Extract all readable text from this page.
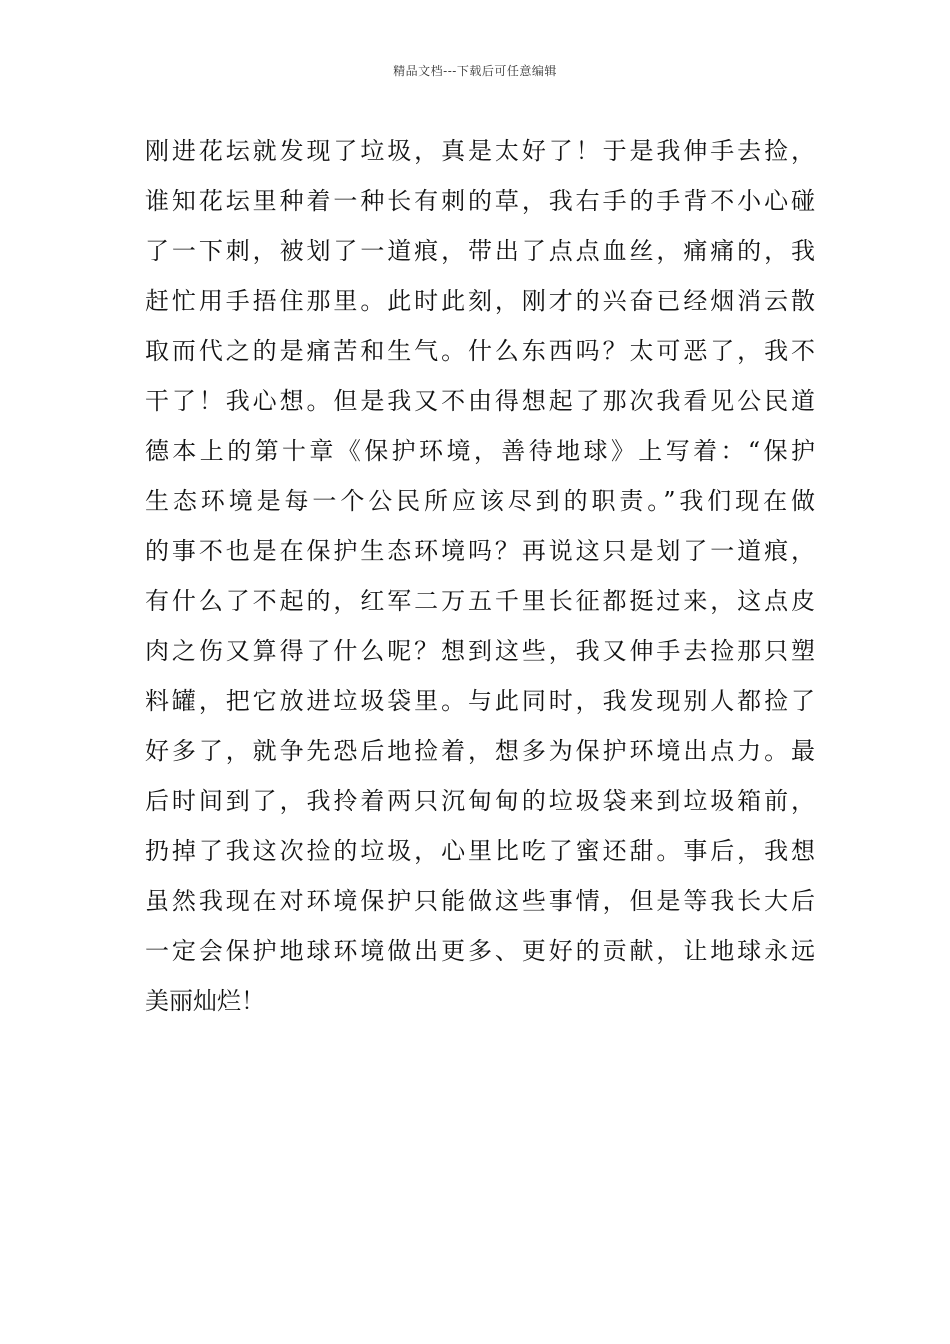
精品文档---下载后可任意编辑
刚进花坛就发现了垃圾，真是太好了！于是我伸手去捡，
谁知花坛里种着一种长有刺的草，我右手的手背不小心碰
了一下刺，被划了一道痕，带出了点点血丝，痛痛的，我
赶忙用手捂住那里。此时此刻，刚才的兴奋已经烟消云散
取而代之的是痛苦和生气。什么东西吗？太可恶了，我不
干了！我心想。但是我又不由得想起了那次我看见公民道
德本上的第十章《保护环境，善待地球》上写着：“保护
生态环境是每一个公民所应该尽到的职责。”我们现在做
的事不也是在保护生态环境吗？再说这只是划了一道痕，
有什么了不起的，红军二万五千里长征都挺过来，这点皮
肉之伤又算得了什么呢？想到这些，我又伸手去捡那只塑
料罐，把它放进垃圾袋里。与此同时，我发现别人都捡了
好多了，就争先恐后地捡着，想多为保护环境出点力。最
后时间到了，我拎着两只沉甸甸的垃圾袋来到垃圾箱前，
扔掉了我这次捡的垃圾，心里比吃了蜜还甜。事后，我想
虽然我现在对环境保护只能做这些事情，但是等我长大后
一定会保护地球环境做出更多、更好的贡献，让地球永远
美丽灿烂！
